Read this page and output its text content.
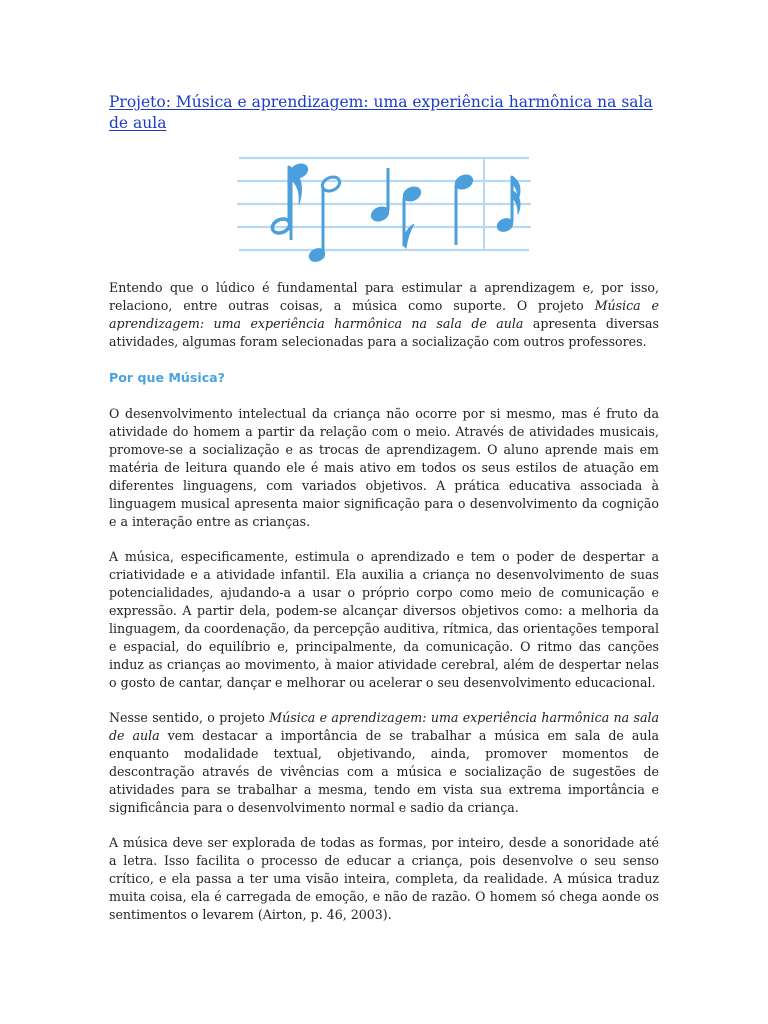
Projeto: Música e aprendizagem: uma experiência harmônica na sala de aula

Entendo que o lúdico é fundamental para estimular a aprendizagem e, por isso, relaciono, entre outras coisas, a música como suporte. O projeto Música e aprendizagem: uma experiência harmônica na sala de aula apresenta diversas atividades, algumas foram selecionadas para a socialização com outros professores.

Por que Música?

O desenvolvimento intelectual da criança não ocorre por si mesmo, mas é fruto da atividade do homem a partir da relação com o meio. Através de atividades musicais, promove-se a socialização e as trocas de aprendizagem. O aluno aprende mais em matéria de leitura quando ele é mais ativo em todos os seus estilos de atuação em diferentes linguagens, com variados objetivos. A prática educativa associada à linguagem musical apresenta maior significação para o desenvolvimento da cognição e a interação entre as crianças.

A música, especificamente, estimula o aprendizado e tem o poder de despertar a criatividade e a atividade infantil. Ela auxilia a criança no desenvolvimento de suas potencialidades, ajudando-a a usar o próprio corpo como meio de comunicação e expressão. A partir dela, podem-se alcançar diversos objetivos como: a melhoria da linguagem, da coordenação, da percepção auditiva, rítmica, das orientações temporal e espacial, do equilíbrio e, principalmente, da comunicação. O ritmo das canções induz as crianças ao movimento, à maior atividade cerebral, além de despertar nelas o gosto de cantar, dançar e melhorar ou acelerar o seu desenvolvimento educacional.

Nesse sentido, o projeto Música e aprendizagem: uma experiência harmônica na sala de aula vem destacar a importância de se trabalhar a música em sala de aula enquanto modalidade textual, objetivando, ainda, promover momentos de descontração através de vivências com a música e socialização de sugestões de atividades para se trabalhar a mesma, tendo em vista sua extrema importância e significância para o desenvolvimento normal e sadio da criança.

A música deve ser explorada de todas as formas, por inteiro, desde a sonoridade até a letra. Isso facilita o processo de educar a criança, pois desenvolve o seu senso crítico, e ela passa a ter uma visão inteira, completa, da realidade. A música traduz muita coisa, ela é carregada de emoção, e não de razão. O homem só chega aonde os sentimentos o levarem (Airton, p. 46, 2003).
